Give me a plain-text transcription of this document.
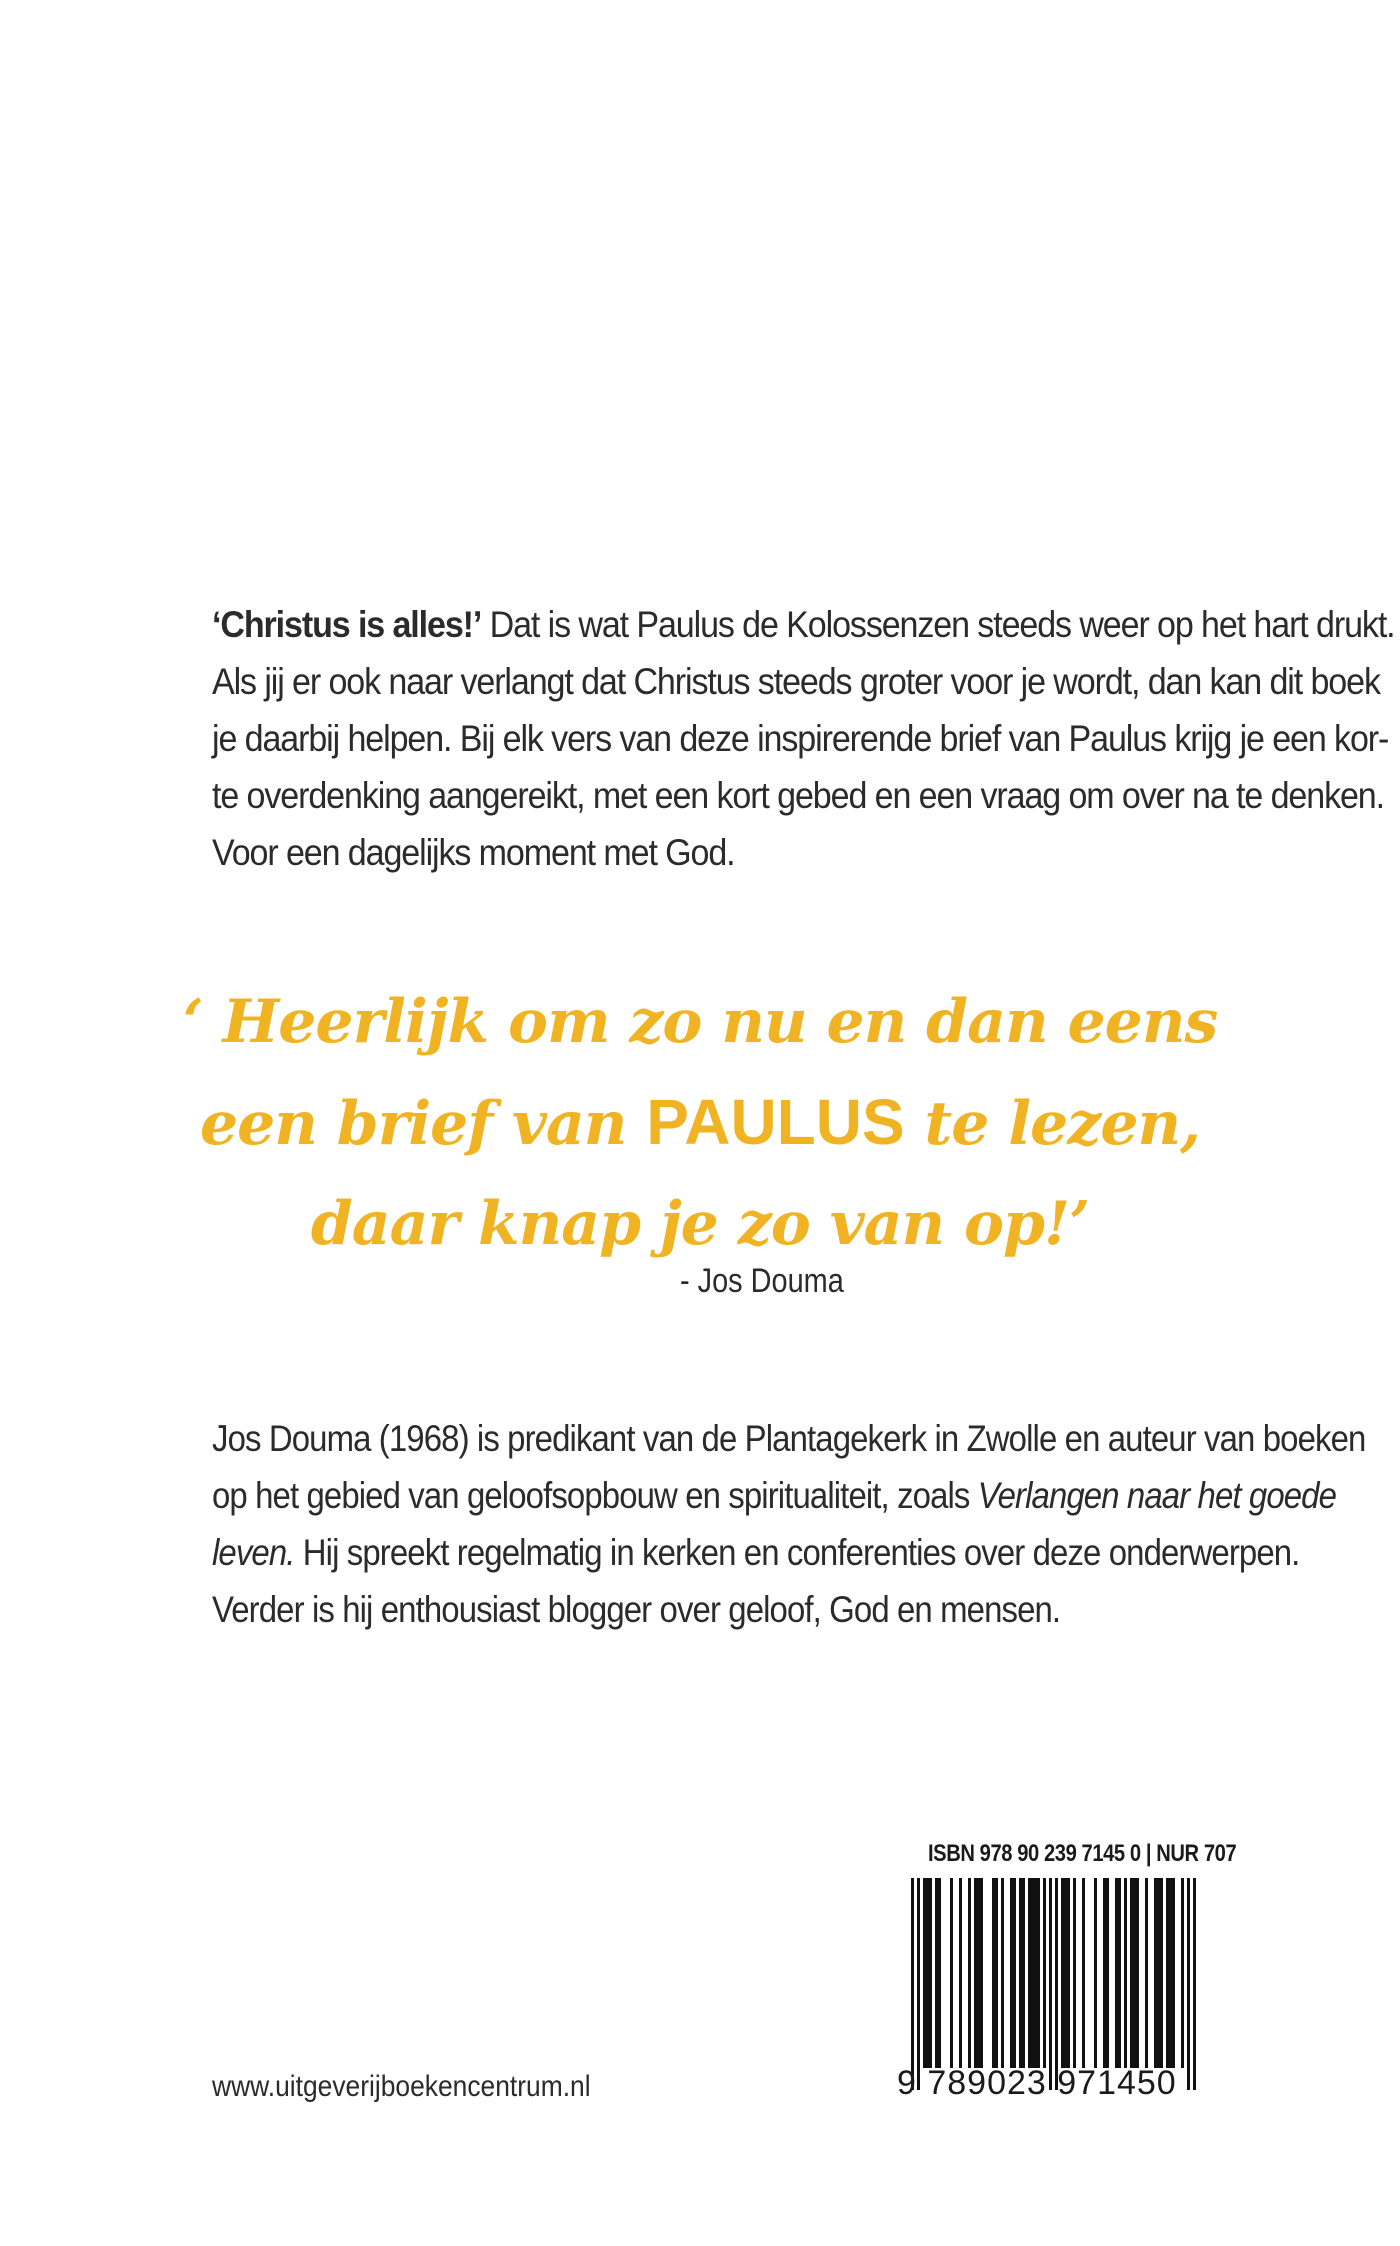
‘Christus is alles!’ Dat is wat Paulus de Kolossenzen steeds weer op het hart drukt.
Als jij er ook naar verlangt dat Christus steeds groter voor je wordt, dan kan dit boek
je daarbij helpen. Bij elk vers van deze inspirerende brief van Paulus krijg je een kor-
te overdenking aangereikt, met een kort gebed en een vraag om over na te denken.
Voor een dagelijks moment met God.
‘ Heerlijk om zo nu en dan eens
een brief van PAULUS te lezen,
daar knap je zo van op!’
- Jos Douma
Jos Douma (1968) is predikant van de Plantagekerk in Zwolle en auteur van boeken
op het gebied van geloofsopbouw en spiritualiteit, zoals Verlangen naar het goede
leven. Hij spreekt regelmatig in kerken en conferenties over deze onderwerpen.
Verder is hij enthousiast blogger over geloof, God en mensen.
ISBN 978 90 239 7145 0 | NUR 707
9 789023 971450
www.uitgeverijboekencentrum.nl
